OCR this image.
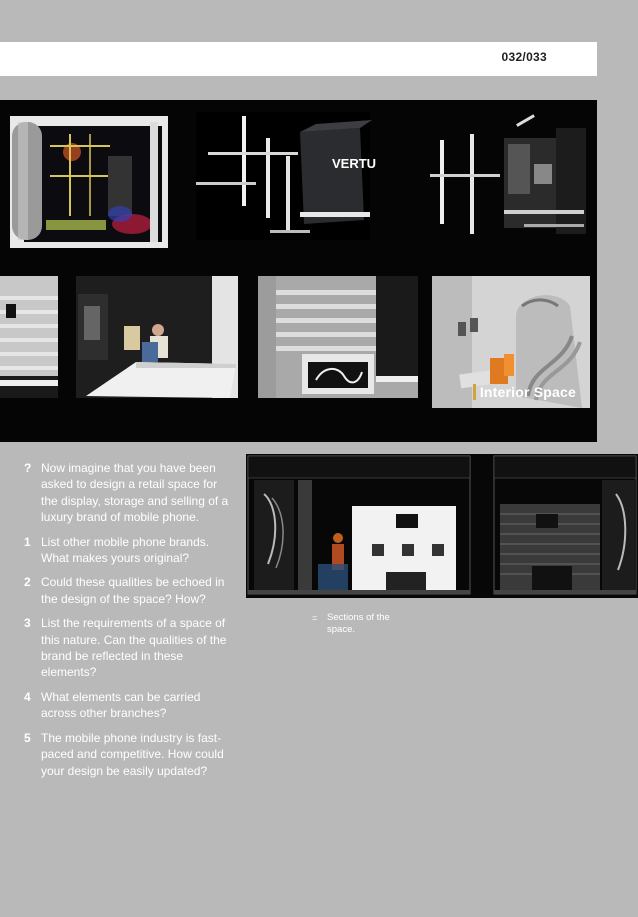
032/033
VERTU
Interior Space
? Now imagine that you have been asked to design a retail space for the display, storage and selling of a luxury brand of mobile phone.
1 List other mobile phone brands. What makes yours original?
2 Could these qualities be echoed in the design of the space? How?
3 List the requirements of a space of this nature. Can the qualities of the brand be reflected in these elements?
4 What elements can be carried across other branches?
5 The mobile phone industry is fast-paced and competitive. How could your design be easily updated?
= Sections of the space.
